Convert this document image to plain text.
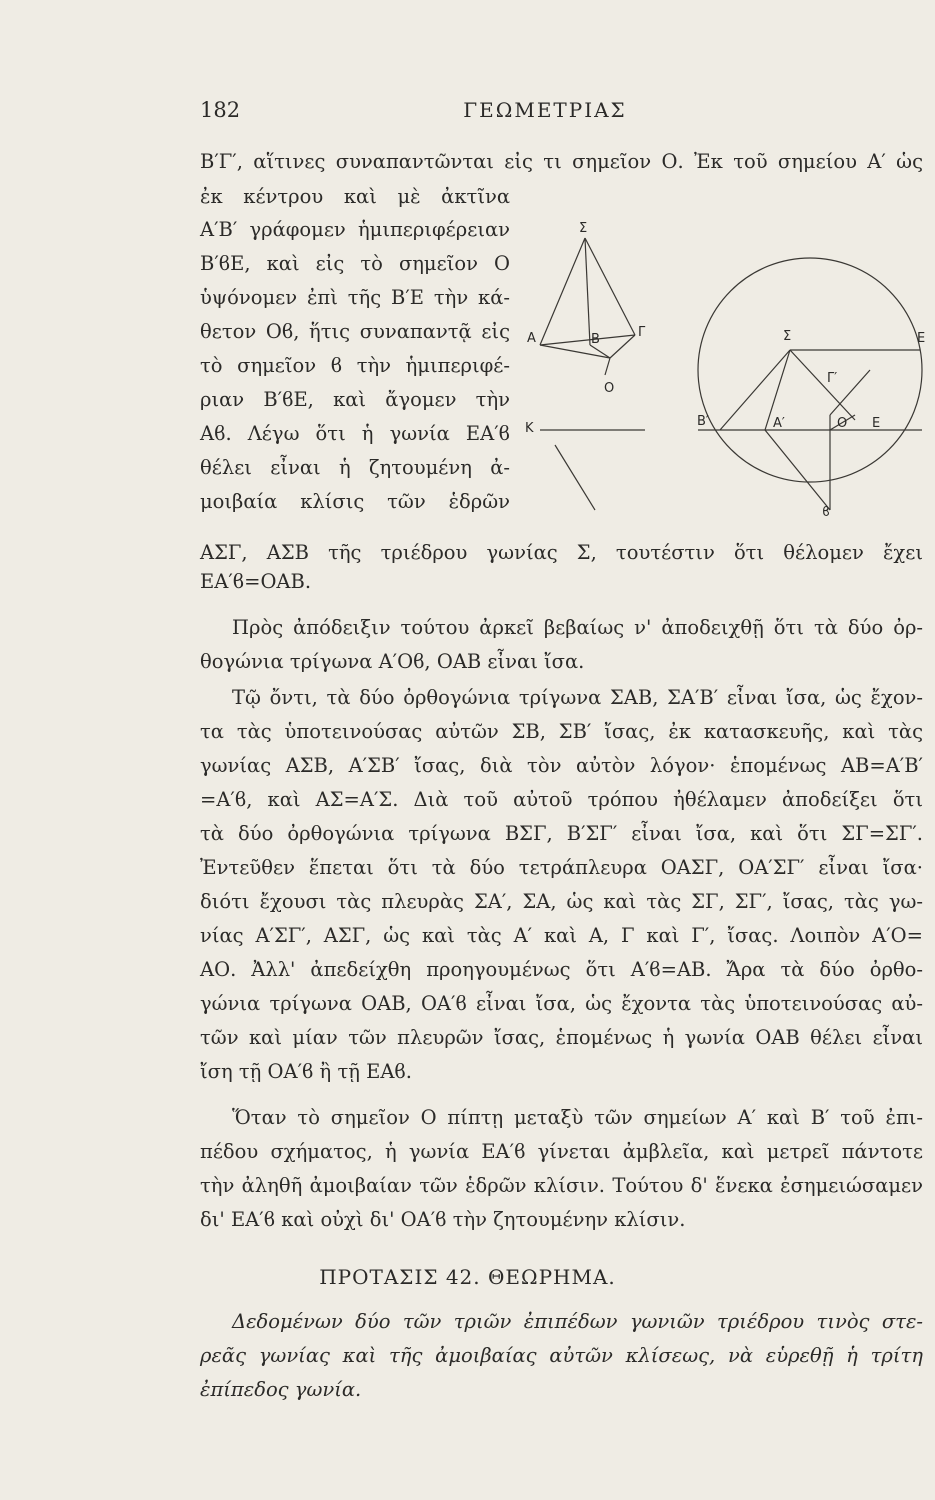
182	ΓΕΩΜΕΤΡΙΑΣ
Β′Γ′, αἵτινες συναπαντῶνται εἰς τι σημεῖον Ο. Ἐκ τοῦ σημείου Α′ ὡς
ἐκ κέντρου καὶ μὲ ἀκτῖνα
Α′Β′ γράφομεν ἡμιπεριφέρειαν
Β′ϐΕ, καὶ εἰς τὸ σημεῖον Ο
ὑψόνομεν ἐπὶ τῆς Β′Ε τὴν κά-
θετον Οϐ, ἥτις συναπαντᾷ εἰς
τὸ σημεῖον ϐ τὴν ἡμιπεριφέ-
ριαν Β′ϐΕ, καὶ ἄγομεν τὴν
Αϐ. Λέγω ὅτι ἡ γωνία ΕΑ′ϐ
θέλει εἶναι ἡ ζητουμένη ἀ-
μοιβαία κλίσις τῶν ἑδρῶν
ΑΣΓ, ΑΣΒ τῆς τριέδρου γωνίας Σ, τουτέστιν ὅτι θέλομεν ἔχει
ΕΑ′ϐ=ΟΑΒ.
Πρὸς ἀπόδειξιν τούτου ἀρκεῖ βεβαίως ν' ἀποδειχθῇ ὅτι τὰ δύο ὀρ-
θογώνια τρίγωνα Α′Οϐ, ΟΑΒ εἶναι ἴσα.
Τῷ ὄντι, τὰ δύο ὀρθογώνια τρίγωνα ΣΑΒ, ΣΑ′Β′ εἶναι ἴσα, ὡς ἔχον-
τα τὰς ὑποτεινούσας αὐτῶν ΣΒ, ΣΒ′ ἴσας, ἐκ κατασκευῆς, καὶ τὰς
γωνίας ΑΣΒ, Α′ΣΒ′ ἴσας, διὰ τὸν αὐτὸν λόγον· ἑπομένως ΑΒ=Α′Β′
=Α′ϐ, καὶ ΑΣ=Α′Σ. Διὰ τοῦ αὐτοῦ τρόπου ἠθέλαμεν ἀποδείξει ὅτι
τὰ δύο ὀρθογώνια τρίγωνα ΒΣΓ, Β′ΣΓ′ εἶναι ἴσα, καὶ ὅτι ΣΓ=ΣΓ′.
Ἐντεῦθεν ἕπεται ὅτι τὰ δύο τετράπλευρα ΟΑΣΓ, ΟΑ′ΣΓ′ εἶναι ἴσα·
διότι ἔχουσι τὰς πλευρὰς ΣΑ′, ΣΑ, ὡς καὶ τὰς ΣΓ, ΣΓ′, ἴσας, τὰς γω-
νίας Α′ΣΓ′, ΑΣΓ, ὡς καὶ τὰς Α′ καὶ Α, Γ καὶ Γ′, ἴσας. Λοιπὸν Α′Ο=
ΑΟ. Ἀλλ' ἀπεδείχθη προηγουμένως ὅτι Α′ϐ=ΑΒ. Ἄρα τὰ δύο ὀρθο-
γώνια τρίγωνα ΟΑΒ, ΟΑ′ϐ εἶναι ἴσα, ὡς ἔχοντα τὰς ὑποτεινούσας αὐ-
τῶν καὶ μίαν τῶν πλευρῶν ἴσας, ἑπομένως ἡ γωνία ΟΑΒ θέλει εἶναι
ἴση τῇ ΟΑ′ϐ ἢ τῇ ΕΑϐ.
Ὅταν τὸ σημεῖον Ο πίπτῃ μεταξὺ τῶν σημείων Α′ καὶ Β′ τοῦ ἐπι-
πέδου σχήματος, ἡ γωνία ΕΑ′ϐ γίνεται ἀμβλεῖα, καὶ μετρεῖ πάντοτε
τὴν ἀληθῆ ἀμοιβαίαν τῶν ἑδρῶν κλίσιν. Τούτου δ' ἕνεκα ἐσημειώσαμεν
δι' ΕΑ′ϐ καὶ οὐχὶ δι' ΟΑ′ϐ τὴν ζητουμένην κλίσιν.
ΠΡΟΤΑΣΙΣ 42. ΘΕΩΡΗΜΑ.
Δεδομένων δύο τῶν τριῶν ἐπιπέδων γωνιῶν τριέδρου τινὸς στε-
ρεᾶς γωνίας καὶ τῆς ἀμοιβαίας αὐτῶν κλίσεως, νὰ εὑρεθῇ ἡ τρίτη
ἐπίπεδος γωνία.
Σ
Α	Β	Γ
Ο
Κ
Σ	Ε
Γ′
Β′	Α′	Ο Ε
ϐ
